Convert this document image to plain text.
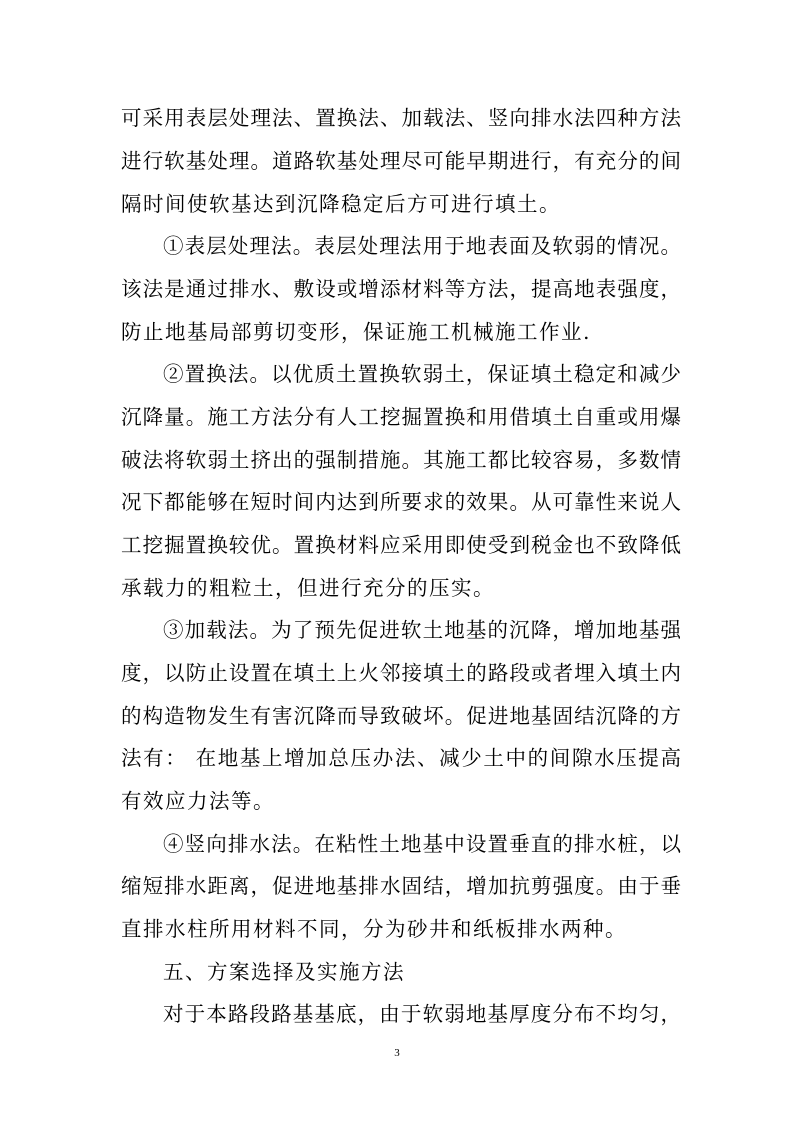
可采用表层处理法、置换法、加载法、竖向排水法四种方法
进行软基处理。道路软基处理尽可能早期进行，有充分的间
隔时间使软基达到沉降稳定后方可进行填土。
①表层处理法。表层处理法用于地表面及软弱的情况。
该法是通过排水、敷设或增添材料等方法，提高地表强度，
防止地基局部剪切变形，保证施工机械施工作业.
②置换法。以优质土置换软弱土，保证填土稳定和减少
沉降量。施工方法分有人工挖掘置换和用借填土自重或用爆
破法将软弱土挤出的强制措施。其施工都比较容易，多数情
况下都能够在短时间内达到所要求的效果。从可靠性来说人
工挖掘置换较优。置换材料应采用即使受到税金也不致降低
承载力的粗粒土，但进行充分的压实。
③加载法。为了预先促进软土地基的沉降，增加地基强
度，以防止设置在填土上火邻接填土的路段或者埋入填土内
的构造物发生有害沉降而导致破坏。促进地基固结沉降的方
法有： 在地基上增加总压办法、减少土中的间隙水压提高
有效应力法等。
④竖向排水法。在粘性土地基中设置垂直的排水桩，以
缩短排水距离，促进地基排水固结，增加抗剪强度。由于垂
直排水柱所用材料不同，分为砂井和纸板排水两种。
五、方案选择及实施方法
对于本路段路基基底，由于软弱地基厚度分布不均匀，
3
